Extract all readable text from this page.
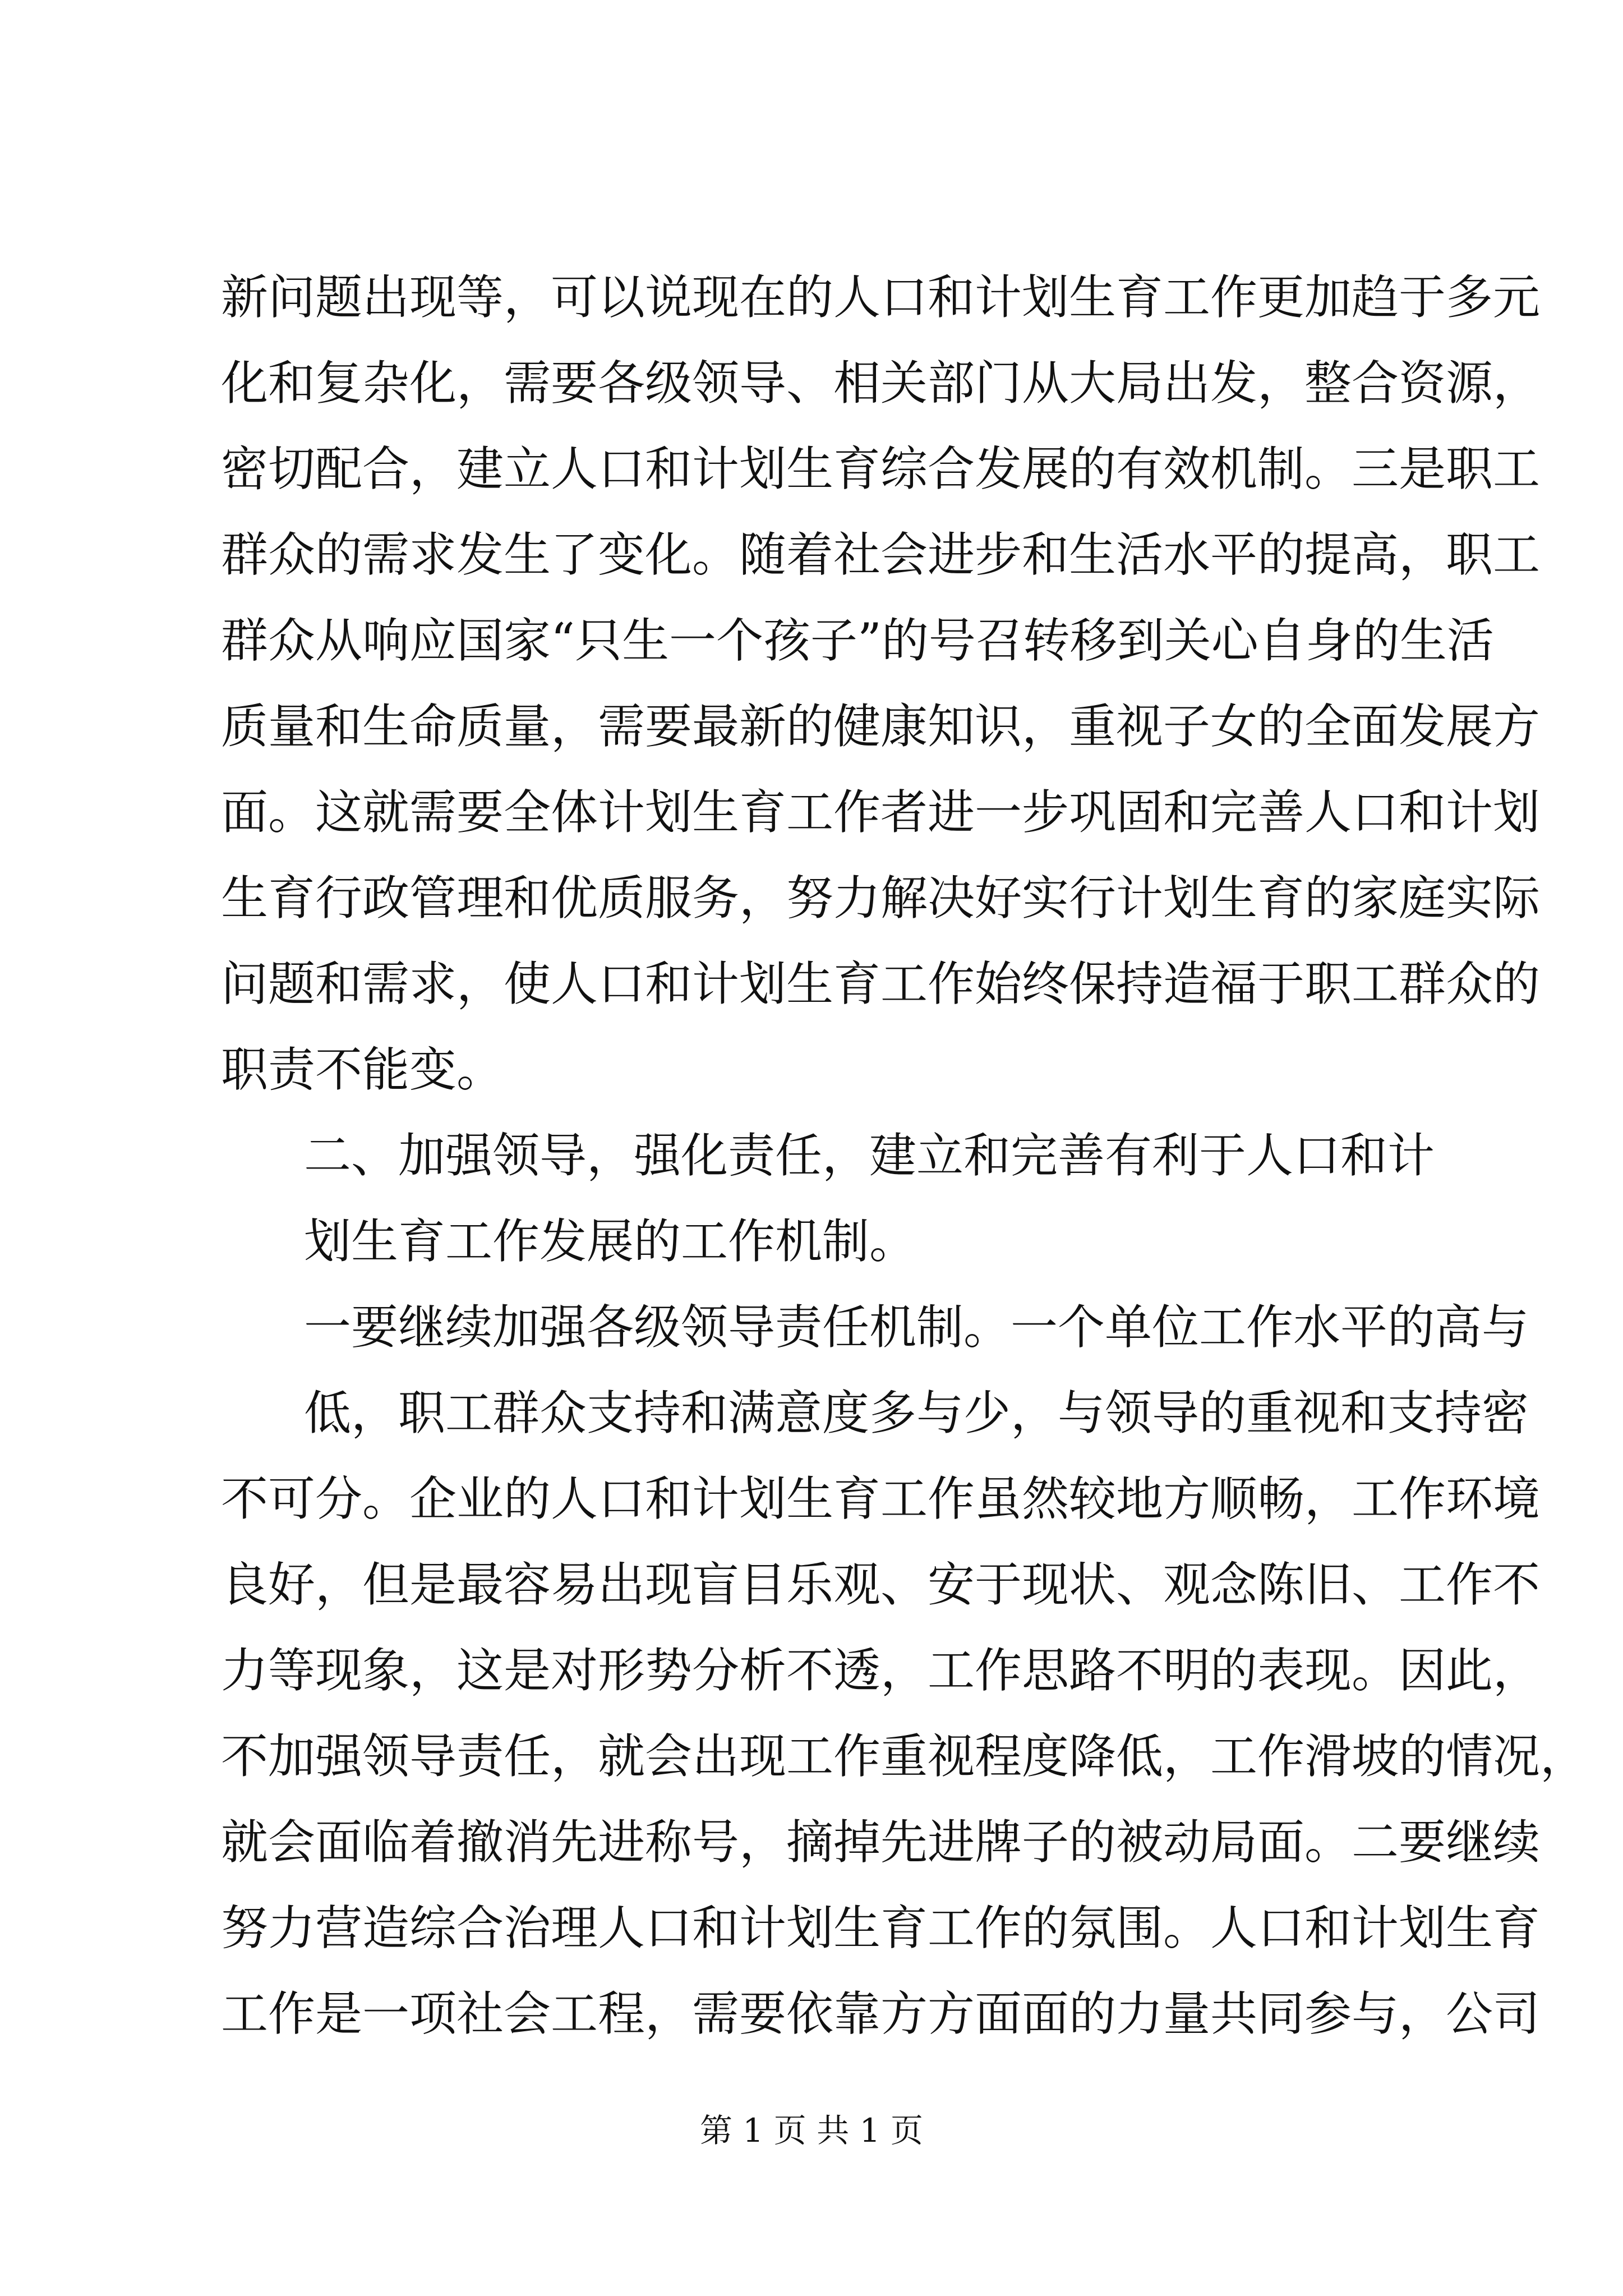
新问题出现等，可以说现在的人口和计划生育工作更加趋于多元
化和复杂化，需要各级领导、相关部门从大局出发，整合资源，
密切配合，建立人口和计划生育综合发展的有效机制。三是职工
群众的需求发生了变化。随着社会进步和生活水平的提高，职工
群众从响应国家“只生一个孩子”的号召转移到关心自身的生活
质量和生命质量，需要最新的健康知识，重视子女的全面发展方
面。这就需要全体计划生育工作者进一步巩固和完善人口和计划
生育行政管理和优质服务，努力解决好实行计划生育的家庭实际
问题和需求，使人口和计划生育工作始终保持造福于职工群众的
职责不能变。
二、加强领导，强化责任，建立和完善有利于人口和计
划生育工作发展的工作机制。
一要继续加强各级领导责任机制。一个单位工作水平的高与
低，职工群众支持和满意度多与少，与领导的重视和支持密
不可分。企业的人口和计划生育工作虽然较地方顺畅，工作环境
良好，但是最容易出现盲目乐观、安于现状、观念陈旧、工作不
力等现象，这是对形势分析不透，工作思路不明的表现。因此，
不加强领导责任，就会出现工作重视程度降低，工作滑坡的情况，
就会面临着撤消先进称号，摘掉先进牌子的被动局面。二要继续
努力营造综合治理人口和计划生育工作的氛围。人口和计划生育
工作是一项社会工程，需要依靠方方面面的力量共同参与，公司
第 1 页 共 1 页
